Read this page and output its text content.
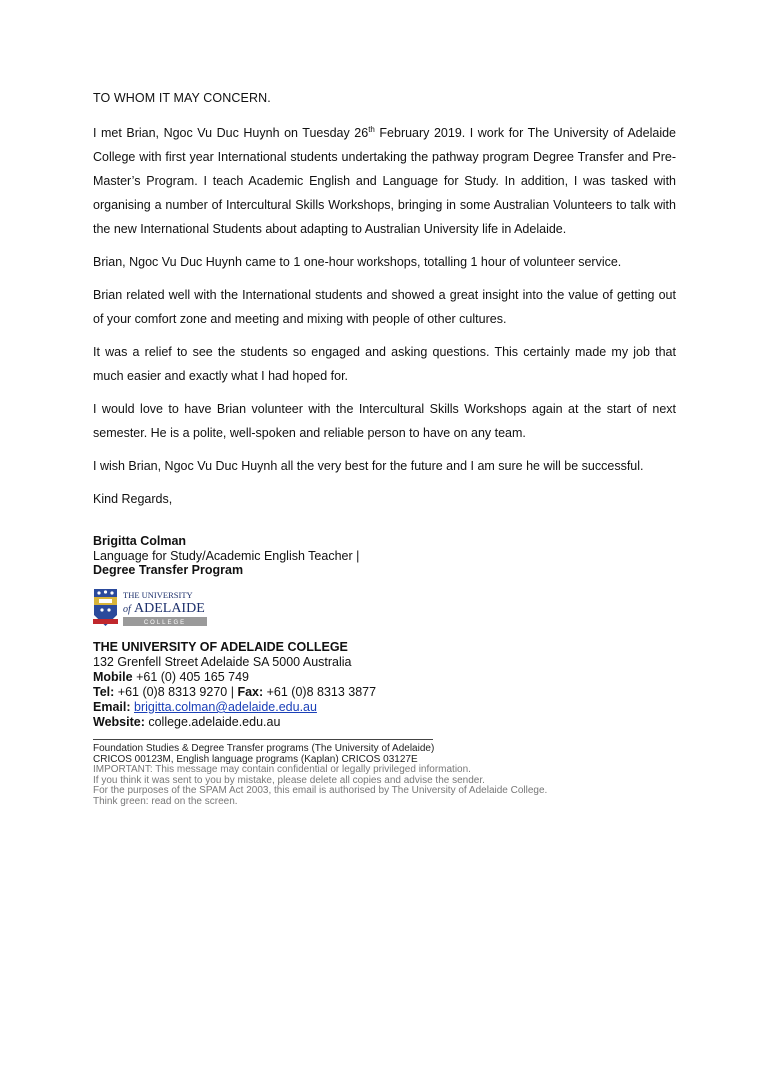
TO WHOM IT MAY CONCERN.

I met Brian, Ngoc Vu Duc Huynh on Tuesday 26th February 2019. I work for The University of Adelaide College with first year International students undertaking the pathway program Degree Transfer and Pre-Master’s Program. I teach Academic English and Language for Study. In addition, I was tasked with organising a number of Intercultural Skills Workshops, bringing in some Australian Volunteers to talk with the new International Students about adapting to Australian University life in Adelaide.

Brian, Ngoc Vu Duc Huynh came to 1 one-hour workshops, totalling 1 hour of volunteer service.

Brian related well with the International students and showed a great insight into the value of getting out of your comfort zone and meeting and mixing with people of other cultures.

It was a relief to see the students so engaged and asking questions. This certainly made my job that much easier and exactly what I had hoped for.

I would love to have Brian volunteer with the Intercultural Skills Workshops again at the start of next semester. He is a polite, well-spoken and reliable person to have on any team.

I wish Brian, Ngoc Vu Duc Huynh all the very best for the future and I am sure he will be successful.

Kind Regards,

Brigitta Colman
Language for Study/Academic English Teacher |
Degree Transfer Program
THE UNIVERSITY
of ADELAIDE
COLLEGE
THE UNIVERSITY OF ADELAIDE COLLEGE
132 Grenfell Street Adelaide SA 5000 Australia
Mobile +61 (0) 405 165 749
Tel: +61 (0)8 8313 9270 | Fax: +61 (0)8 8313 3877
Email: brigitta.colman@adelaide.edu.au
Website: college.adelaide.edu.au
Foundation Studies & Degree Transfer programs (The University of Adelaide)
CRICOS 00123M, English language programs (Kaplan) CRICOS 03127E
IMPORTANT: This message may contain confidential or legally privileged information.
If you think it was sent to you by mistake, please delete all copies and advise the sender.
For the purposes of the SPAM Act 2003, this email is authorised by The University of Adelaide College.
Think green: read on the screen.
